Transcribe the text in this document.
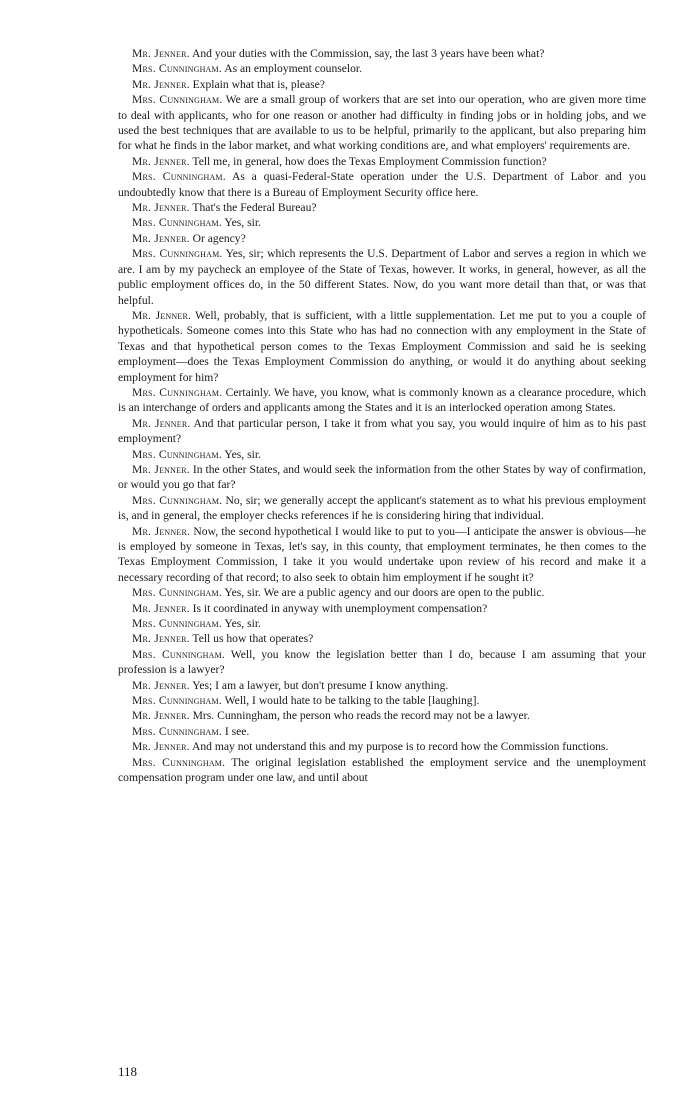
Mr. Jenner. And your duties with the Commission, say, the last 3 years have been what?

Mrs. Cunningham. As an employment counselor.

Mr. Jenner. Explain what that is, please?

Mrs. Cunningham. We are a small group of workers that are set into our operation, who are given more time to deal with applicants, who for one reason or another had difficulty in finding jobs or in holding jobs, and we used the best techniques that are available to us to be helpful, primarily to the applicant, but also preparing him for what he finds in the labor market, and what working conditions are, and what employers' requirements are.

Mr. Jenner. Tell me, in general, how does the Texas Employment Commission function?

Mrs. Cunningham. As a quasi-Federal-State operation under the U.S. Department of Labor and you undoubtedly know that there is a Bureau of Employment Security office here.

Mr. Jenner. That's the Federal Bureau?

Mrs. Cunningham. Yes, sir.

Mr. Jenner. Or agency?

Mrs. Cunningham. Yes, sir; which represents the U.S. Department of Labor and serves a region in which we are. I am by my paycheck an employee of the State of Texas, however. It works, in general, however, as all the public employment offices do, in the 50 different States. Now, do you want more detail than that, or was that helpful.

Mr. Jenner. Well, probably, that is sufficient, with a little supplementation. Let me put to you a couple of hypotheticals. Someone comes into this State who has had no connection with any employment in the State of Texas and that hypothetical person comes to the Texas Employment Commission and said he is seeking employment—does the Texas Employment Commission do anything, or would it do anything about seeking employment for him?

Mrs. Cunningham. Certainly. We have, you know, what is commonly known as a clearance procedure, which is an interchange of orders and applicants among the States and it is an interlocked operation among States.

Mr. Jenner. And that particular person, I take it from what you say, you would inquire of him as to his past employment?

Mrs. Cunningham. Yes, sir.

Mr. Jenner. In the other States, and would seek the information from the other States by way of confirmation, or would you go that far?

Mrs. Cunningham. No, sir; we generally accept the applicant's statement as to what his previous employment is, and in general, the employer checks references if he is considering hiring that individual.

Mr. Jenner. Now, the second hypothetical I would like to put to you—I anticipate the answer is obvious—he is employed by someone in Texas, let's say, in this county, that employment terminates, he then comes to the Texas Employment Commission, I take it you would undertake upon review of his record and make it a necessary recording of that record; to also seek to obtain him employment if he sought it?

Mrs. Cunningham. Yes, sir. We are a public agency and our doors are open to the public.

Mr. Jenner. Is it coordinated in anyway with unemployment compensation?

Mrs. Cunningham. Yes, sir.

Mr. Jenner. Tell us how that operates?

Mrs. Cunningham. Well, you know the legislation better than I do, because I am assuming that your profession is a lawyer?

Mr. Jenner. Yes; I am a lawyer, but don't presume I know anything.

Mrs. Cunningham. Well, I would hate to be talking to the table [laughing].

Mr. Jenner. Mrs. Cunningham, the person who reads the record may not be a lawyer.

Mrs. Cunningham. I see.

Mr. Jenner. And may not understand this and my purpose is to record how the Commission functions.

Mrs. Cunningham. The original legislation established the employment service and the unemployment compensation program under one law, and until about

118
